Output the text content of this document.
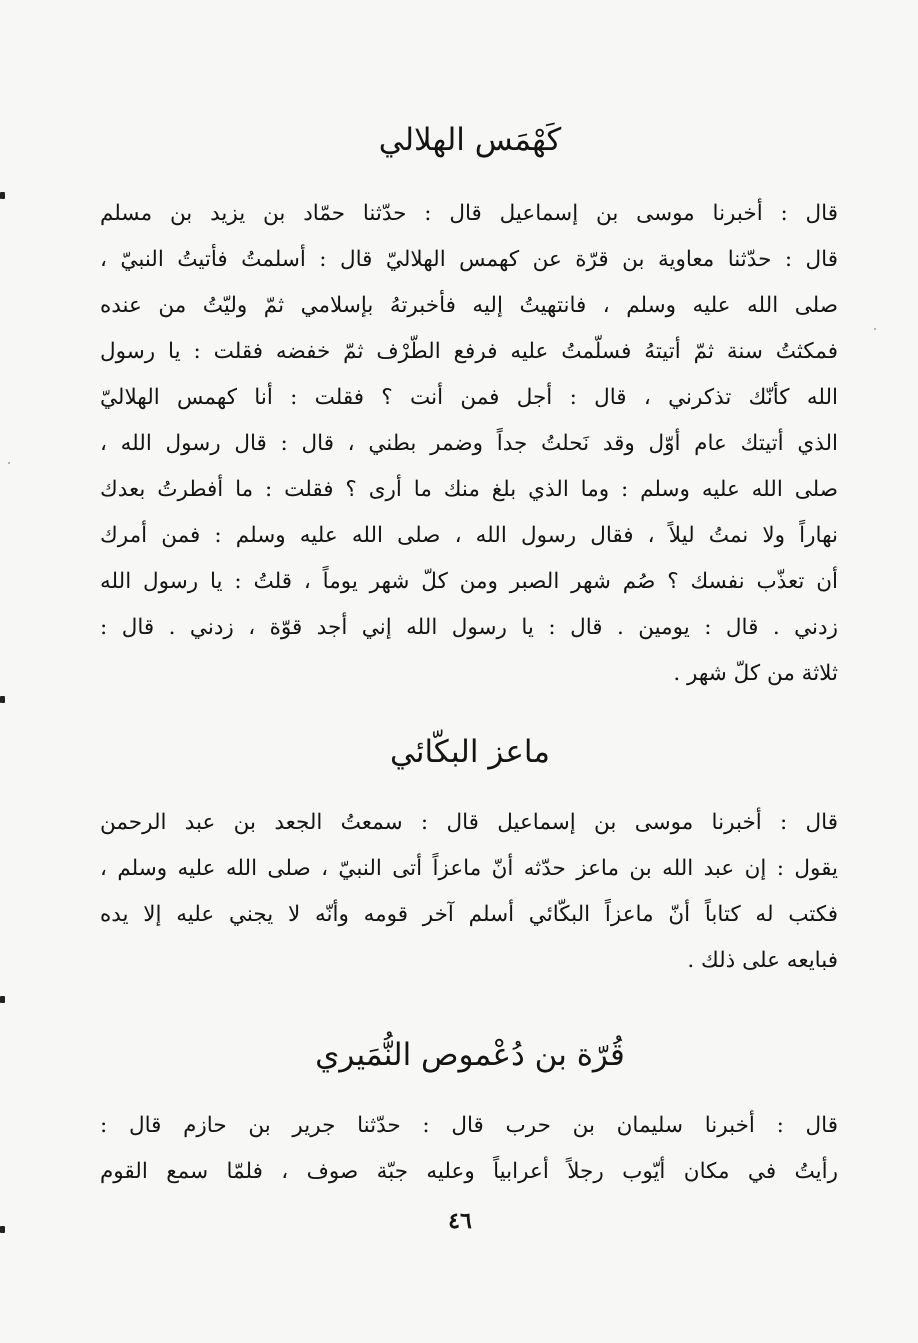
كَهْمَس الهلالي
قال : أخبرنا موسى بن إسماعيل قال : حدّثنا حمّاد بن يزيد بن مسلم
قال : حدّثنا معاوية بن قرّة عن كهمس الهلاليّ قال : أسلمتُ فأتيتُ النبيّ ،
صلى الله عليه وسلم ، فانتهيتُ إليه فأخبرتهُ بإسلامي ثمّ وليّتُ من عنده
فمكثتُ سنة ثمّ أتيتهُ فسلّمتُ عليه فرفع الطّرْف ثمّ خفضه فقلت : يا رسول
الله كأنّك تذكرني ، قال : أجل فمن أنت ؟ فقلت : أنا كهمس الهلاليّ
الذي أتيتك عام أوّل وقد نَحلتُ جداً وضمر بطني ، قال : قال رسول الله ،
صلى الله عليه وسلم : وما الذي بلغ منك ما أرى ؟ فقلت : ما أفطرتُ بعدك
نهاراً ولا نمتُ ليلاً ، فقال رسول الله ، صلى الله عليه وسلم : فمن أمرك
أن تعذّب نفسك ؟ صُم شهر الصبر ومن كلّ شهر يوماً ، قلتُ : يا رسول الله
زدني . قال : يومين . قال : يا رسول الله إني أجد قوّة ، زدني . قال :
ثلاثة من كلّ شهر .
ماعز البكّائي
قال : أخبرنا موسى بن إسماعيل قال : سمعتُ الجعد بن عبد الرحمن
يقول : إن عبد الله بن ماعز حدّثه أنّ ماعزاً أتى النبيّ ، صلى الله عليه وسلم ،
فكتب له كتاباً أنّ ماعزاً البكّائي أسلم آخر قومه وأنّه لا يجني عليه إلا يده
فبايعه على ذلك .
قُرّة بن دُعْموص النُّمَيري
قال : أخبرنا سليمان بن حرب قال : حدّثنا جرير بن حازم قال :
رأيتُ في مكان أيّوب رجلاً أعرابياً وعليه جبّة صوف ، فلمّا سمع القوم
٤٦
